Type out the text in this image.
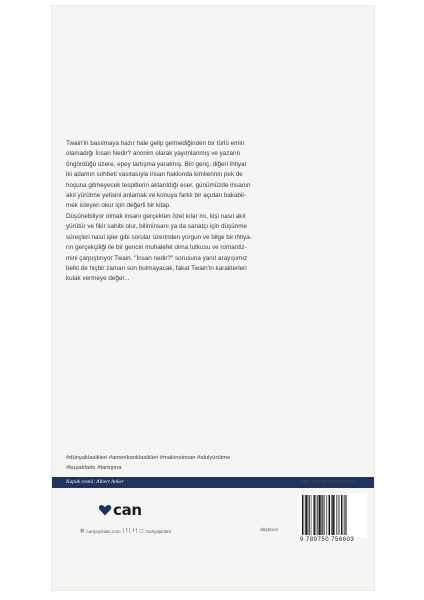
Twain'in basılmaya hazır hale gelip gelmediğinden bir türlü emin
olamadığı İnsan Nedir? anonim olarak yayımlanmış ve yazarın
öngördüğü üzere, epey tartışma yaratmış. Biri genç, diğeri ihtiyar
iki adamın sohbeti vasıtasıyla insan hakkında kimilerinin pek de
hoşuna gitmeyecek tespitlerin aktarıldığı eser, günümüzde insanın
akıl yürütme yetisini anlamak ve konuya farklı bir açıdan bakabil-
mek isteyen okur için değerli bir kitap.

Düşünebiliyor olmak insanı gerçekten özel kılar mı, kişi nasıl akıl
yürütür ve fikir sahibi olur, biliminsanı ya da sanatçı için düşünme
süreçleri nasıl işler gibi sorular üzerinden yorgun ve bilge bir ihtiya-
rın gerçekçiliği ile bir gencin muhalefet olma tutkusu ve romantiz-
mini çarpıştırıyor Twain. "İnsan nedir?" sorusuna yanıt arayışımız
belki de hiçbir zaman son bulmayacak, fakat Twain'in karakterleri
kulak vermeye değer...

#dünyaklasikleri #amerikanklasikleri #makineinsan #akılyürütme
#kuşakfarkı #tartışma
Kapak resmi: Albert Anker	ISBN 978-975-07-0660-3
9 789750 756603
can
◍ canyayinlari.com | f | t | ◻ /canyayinlari	düşünce
